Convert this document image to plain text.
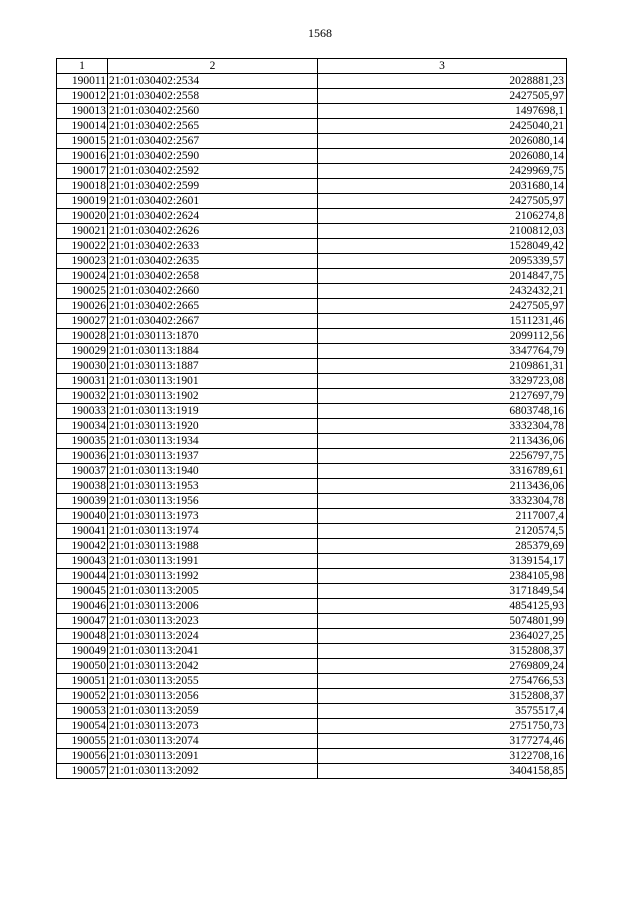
1568
1	2	3
190011	21:01:030402:2534	2028881,23
190012	21:01:030402:2558	2427505,97
190013	21:01:030402:2560	1497698,1
190014	21:01:030402:2565	2425040,21
190015	21:01:030402:2567	2026080,14
190016	21:01:030402:2590	2026080,14
190017	21:01:030402:2592	2429969,75
190018	21:01:030402:2599	2031680,14
190019	21:01:030402:2601	2427505,97
190020	21:01:030402:2624	2106274,8
190021	21:01:030402:2626	2100812,03
190022	21:01:030402:2633	1528049,42
190023	21:01:030402:2635	2095339,57
190024	21:01:030402:2658	2014847,75
190025	21:01:030402:2660	2432432,21
190026	21:01:030402:2665	2427505,97
190027	21:01:030402:2667	1511231,46
190028	21:01:030113:1870	2099112,56
190029	21:01:030113:1884	3347764,79
190030	21:01:030113:1887	2109861,31
190031	21:01:030113:1901	3329723,08
190032	21:01:030113:1902	2127697,79
190033	21:01:030113:1919	6803748,16
190034	21:01:030113:1920	3332304,78
190035	21:01:030113:1934	2113436,06
190036	21:01:030113:1937	2256797,75
190037	21:01:030113:1940	3316789,61
190038	21:01:030113:1953	2113436,06
190039	21:01:030113:1956	3332304,78
190040	21:01:030113:1973	2117007,4
190041	21:01:030113:1974	2120574,5
190042	21:01:030113:1988	285379,69
190043	21:01:030113:1991	3139154,17
190044	21:01:030113:1992	2384105,98
190045	21:01:030113:2005	3171849,54
190046	21:01:030113:2006	4854125,93
190047	21:01:030113:2023	5074801,99
190048	21:01:030113:2024	2364027,25
190049	21:01:030113:2041	3152808,37
190050	21:01:030113:2042	2769809,24
190051	21:01:030113:2055	2754766,53
190052	21:01:030113:2056	3152808,37
190053	21:01:030113:2059	3575517,4
190054	21:01:030113:2073	2751750,73
190055	21:01:030113:2074	3177274,46
190056	21:01:030113:2091	3122708,16
190057	21:01:030113:2092	3404158,85
